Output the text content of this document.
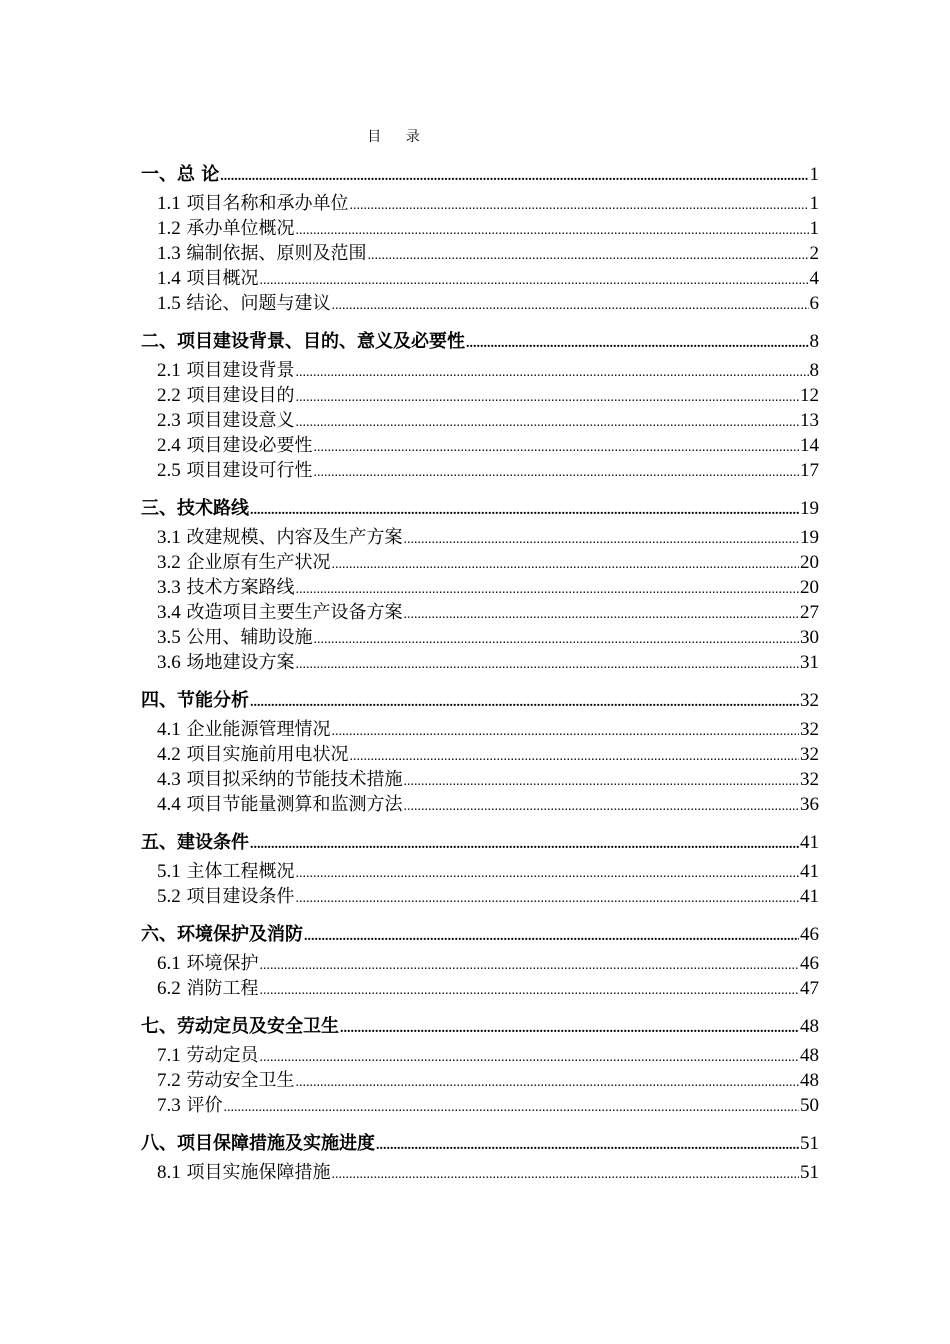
目 录
一、总 论 .....	1
1.1 项目名称和承办单位 .....	1
1.2 承办单位概况 .....	1
1.3 编制依据、原则及范围 .....	2
1.4 项目概况 .....	4
1.5 结论、问题与建议 .....	6
二、项目建设背景、目的、意义及必要性 .....	8
2.1 项目建设背景 .....	8
2.2 项目建设目的 .....	12
2.3 项目建设意义 .....	13
2.4 项目建设必要性 .....	14
2.5 项目建设可行性 .....	17
三、技术路线 .....	19
3.1 改建规模、内容及生产方案 .....	19
3.2 企业原有生产状况 .....	20
3.3 技术方案路线 .....	20
3.4 改造项目主要生产设备方案 .....	27
3.5 公用、辅助设施 .....	30
3.6 场地建设方案 .....	31
四、节能分析 .....	32
4.1 企业能源管理情况 .....	32
4.2 项目实施前用电状况 .....	32
4.3 项目拟采纳的节能技术措施 .....	32
4.4 项目节能量测算和监测方法 .....	36
五、建设条件 .....	41
5.1 主体工程概况 .....	41
5.2 项目建设条件 .....	41
六、环境保护及消防 .....	46
6.1 环境保护 .....	46
6.2 消防工程 .....	47
七、劳动定员及安全卫生 .....	48
7.1 劳动定员 .....	48
7.2 劳动安全卫生 .....	48
7.3 评价 .....	50
八、项目保障措施及实施进度 .....	51
8.1 项目实施保障措施 .....	51
